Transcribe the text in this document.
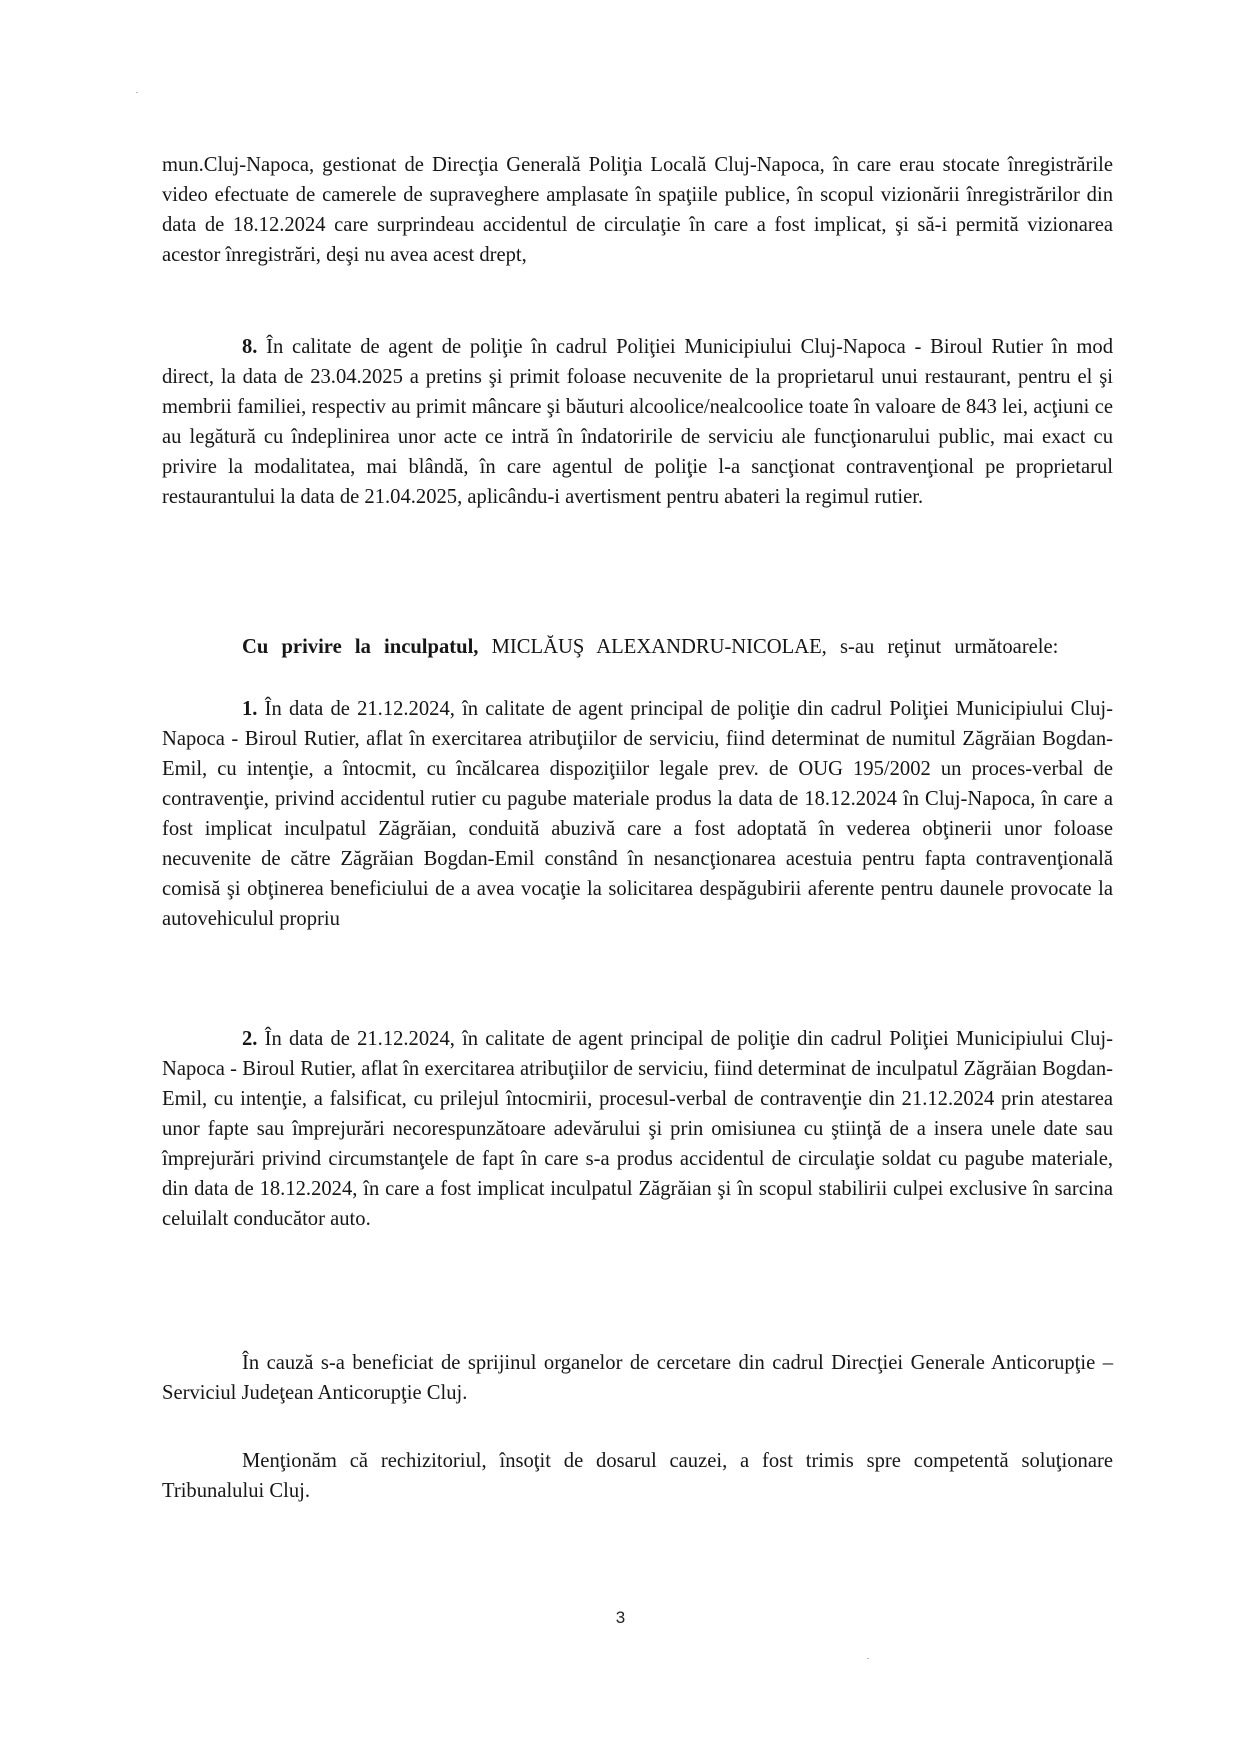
mun.Cluj-Napoca, gestionat de Direcţia Generală Poliţia Locală Cluj-Napoca, în care erau stocate înregistrările video efectuate de camerele de supraveghere amplasate în spaţiile publice, în scopul vizionării înregistrărilor din data de 18.12.2024 care surprindeau accidentul de circulaţie în care a fost implicat, şi să-i permită vizionarea acestor înregistrări, deşi nu avea acest drept,

8. În calitate de agent de poliţie în cadrul Poliţiei Municipiului Cluj-Napoca - Biroul Rutier în mod direct, la data de 23.04.2025 a pretins şi primit foloase necuvenite de la proprietarul unui restaurant, pentru el şi membrii familiei, respectiv au primit mâncare şi băuturi alcoolice/nealcoolice toate în valoare de 843 lei, acţiuni ce au legătură cu îndeplinirea unor acte ce intră în îndatoririle de serviciu ale funcţionarului public, mai exact cu privire la modalitatea, mai blândă, în care agentul de poliţie l-a sancţionat contravenţional pe proprietarul restaurantului la data de 21.04.2025, aplicându-i avertisment pentru abateri la regimul rutier.

Cu privire la inculpatul, MICLĂUŞ ALEXANDRU-NICOLAE, s-au reţinut următoarele:

1. În data de 21.12.2024, în calitate de agent principal de poliţie din cadrul Poliţiei Municipiului Cluj-Napoca - Biroul Rutier, aflat în exercitarea atribuţiilor de serviciu, fiind determinat de numitul Zăgrăian Bogdan-Emil, cu intenţie, a întocmit, cu încălcarea dispoziţiilor legale prev. de OUG 195/2002 un proces-verbal de contravenţie, privind accidentul rutier cu pagube materiale produs la data de 18.12.2024 în Cluj-Napoca, în care a fost implicat inculpatul Zăgrăian, conduită abuzivă care a fost adoptată în vederea obţinerii unor foloase necuvenite de către Zăgrăian Bogdan-Emil constând în nesancţionarea acestuia pentru fapta contravenţională comisă şi obţinerea beneficiului de a avea vocaţie la solicitarea despăgubirii aferente pentru daunele provocate la autovehiculul propriu

2. În data de 21.12.2024, în calitate de agent principal de poliţie din cadrul Poliţiei Municipiului Cluj-Napoca - Biroul Rutier, aflat în exercitarea atribuţiilor de serviciu, fiind determinat de inculpatul Zăgrăian Bogdan-Emil, cu intenţie, a falsificat, cu prilejul întocmirii, procesul-verbal de contravenţie din 21.12.2024 prin atestarea unor fapte sau împrejurări necorespunzătoare adevărului şi prin omisiunea cu ştiinţă de a insera unele date sau împrejurări privind circumstanţele de fapt în care s-a produs accidentul de circulaţie soldat cu pagube materiale, din data de 18.12.2024, în care a fost implicat inculpatul Zăgrăian şi în scopul stabilirii culpei exclusive în sarcina celuilalt conducător auto.

În cauză s-a beneficiat de sprijinul organelor de cercetare din cadrul Direcţiei Generale Anticorupţie – Serviciul Judeţean Anticorupţie Cluj.

Menţionăm că rechizitoriul, însoţit de dosarul cauzei, a fost trimis spre competentă soluţionare Tribunalului Cluj.

3
